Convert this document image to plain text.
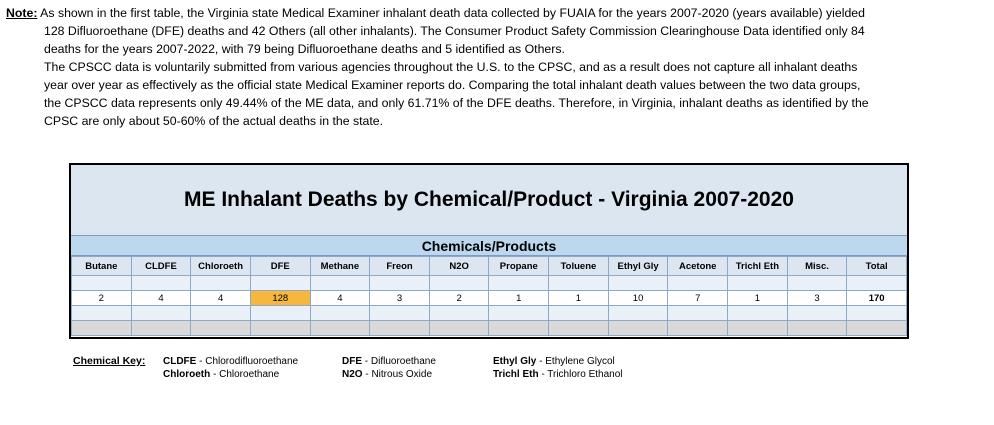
Note: As shown in the first table, the Virginia state Medical Examiner inhalant death data collected by FUAIA for the years 2007-2020 (years available) yielded
128 Difluoroethane (DFE) deaths and 42 Others (all other inhalants). The Consumer Product Safety Commission Clearinghouse Data identified only 84
deaths for the years 2007-2022, with 79 being Difluoroethane deaths and 5 identified as Others.
The CPSCC data is voluntarily submitted from various agencies throughout the U.S. to the CPSC, and as a result does not capture all inhalant deaths
year over year as effectively as the official state Medical Examiner reports do. Comparing the total inhalant death values between the two data groups,
the CPSCC data represents only 49.44% of the ME data, and only 61.71% of the DFE deaths. Therefore, in Virginia, inhalant deaths as identified by the
CPSC are only about 50-60% of the actual deaths in the state.
ME Inhalant Deaths by Chemical/Product - Virginia 2007-2020
Chemicals/Products
Butane	CLDFE	Chloroeth	DFE	Methane	Freon	N2O	Propane	Toluene	Ethyl Gly	Acetone	Trichl Eth	Misc.	Total

2	4	4	128	4	3	2	1	1	10	7	1	3	170

Chemical Key: CLDFE - Chlorodifluoroethane
Chloroeth - Chloroethane
DFE - Difluoroethane
N2O - Nitrous Oxide
Ethyl Gly - Ethylene Glycol
Trichl Eth - Trichloro Ethanol
